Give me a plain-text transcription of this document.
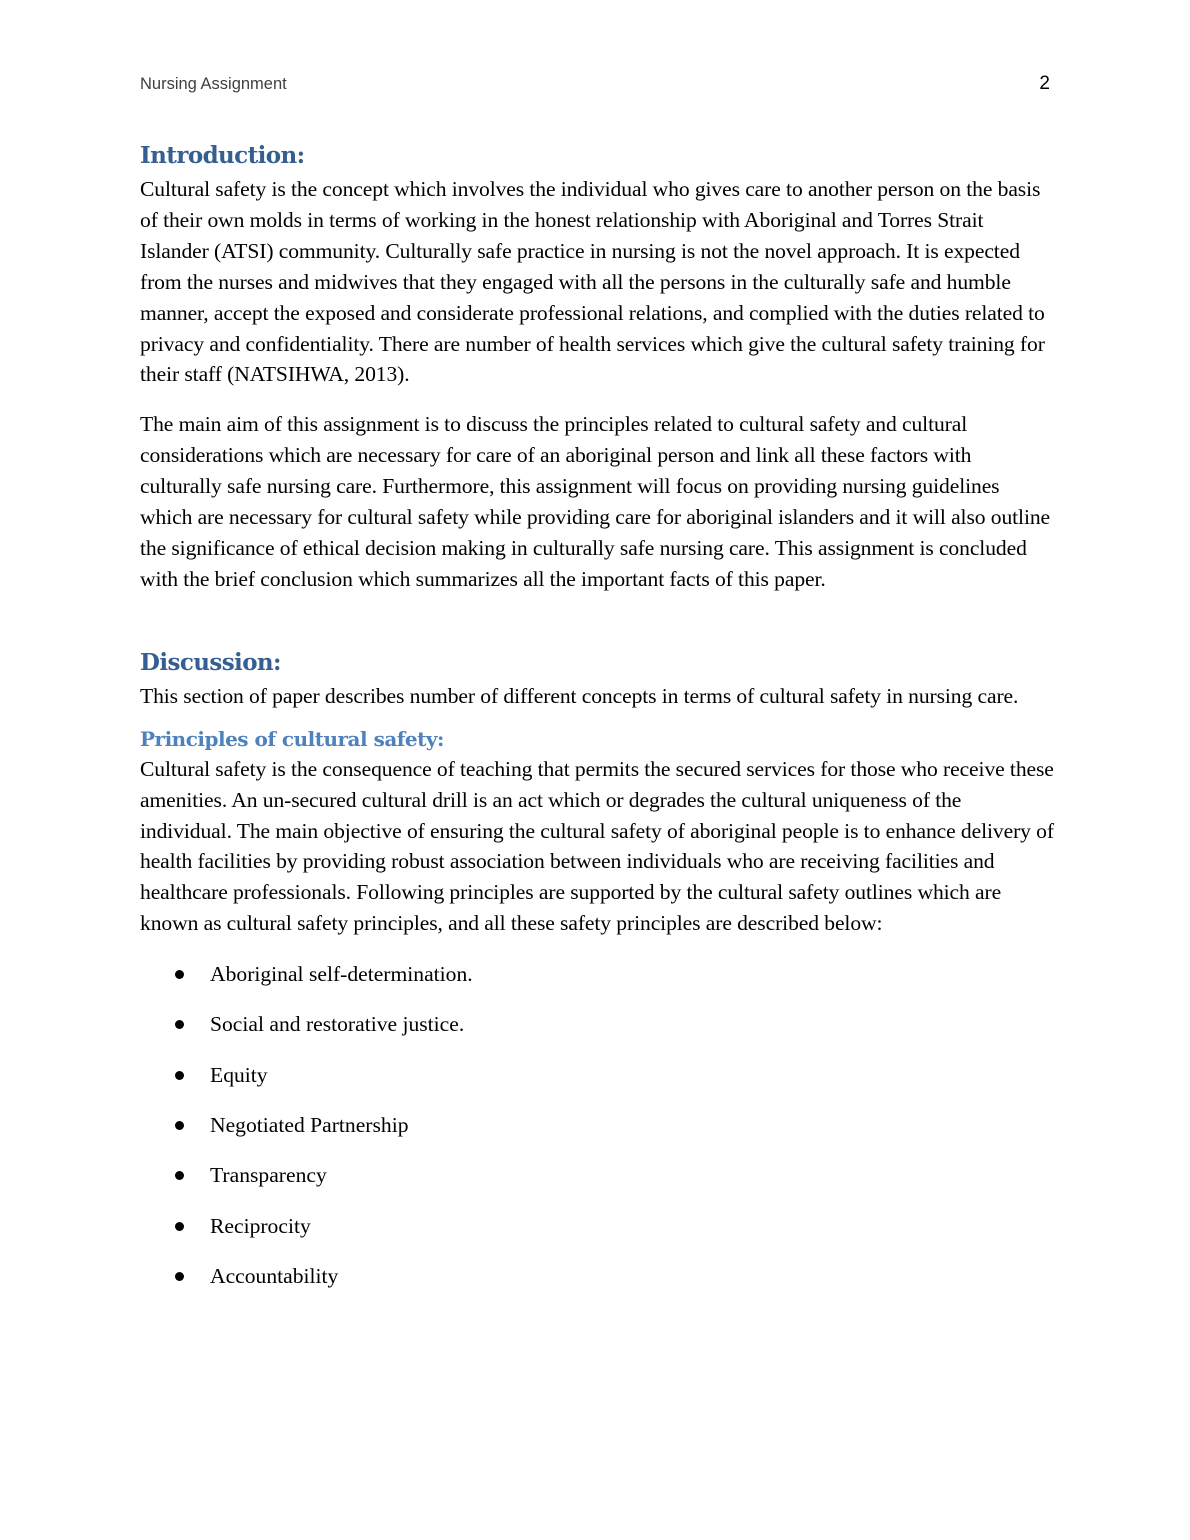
Nursing Assignment	2
Introduction:

Cultural safety is the concept which involves the individual who gives care to another person on the basis of their own molds in terms of working in the honest relationship with Aboriginal and Torres Strait Islander (ATSI) community. Culturally safe practice in nursing is not the novel approach. It is expected from the nurses and midwives that they engaged with all the persons in the culturally safe and humble manner, accept the exposed and considerate professional relations, and complied with the duties related to privacy and confidentiality. There are number of health services which give the cultural safety training for their staff (NATSIHWA, 2013).

The main aim of this assignment is to discuss the principles related to cultural safety and cultural considerations which are necessary for care of an aboriginal person and link all these factors with culturally safe nursing care. Furthermore, this assignment will focus on providing nursing guidelines which are necessary for cultural safety while providing care for aboriginal islanders and it will also outline the significance of ethical decision making in culturally safe nursing care. This assignment is concluded with the brief conclusion which summarizes all the important facts of this paper.

Discussion:

This section of paper describes number of different concepts in terms of cultural safety in nursing care.

Principles of cultural safety:

Cultural safety is the consequence of teaching that permits the secured services for those who receive these amenities. An un-secured cultural drill is an act which or degrades the cultural uniqueness of the individual. The main objective of ensuring the cultural safety of aboriginal people is to enhance delivery of health facilities by providing robust association between individuals who are receiving facilities and healthcare professionals. Following principles are supported by the cultural safety outlines which are known as cultural safety principles, and all these safety principles are described below:

Aboriginal self-determination.
Social and restorative justice.
Equity
Negotiated Partnership
Transparency
Reciprocity
Accountability
